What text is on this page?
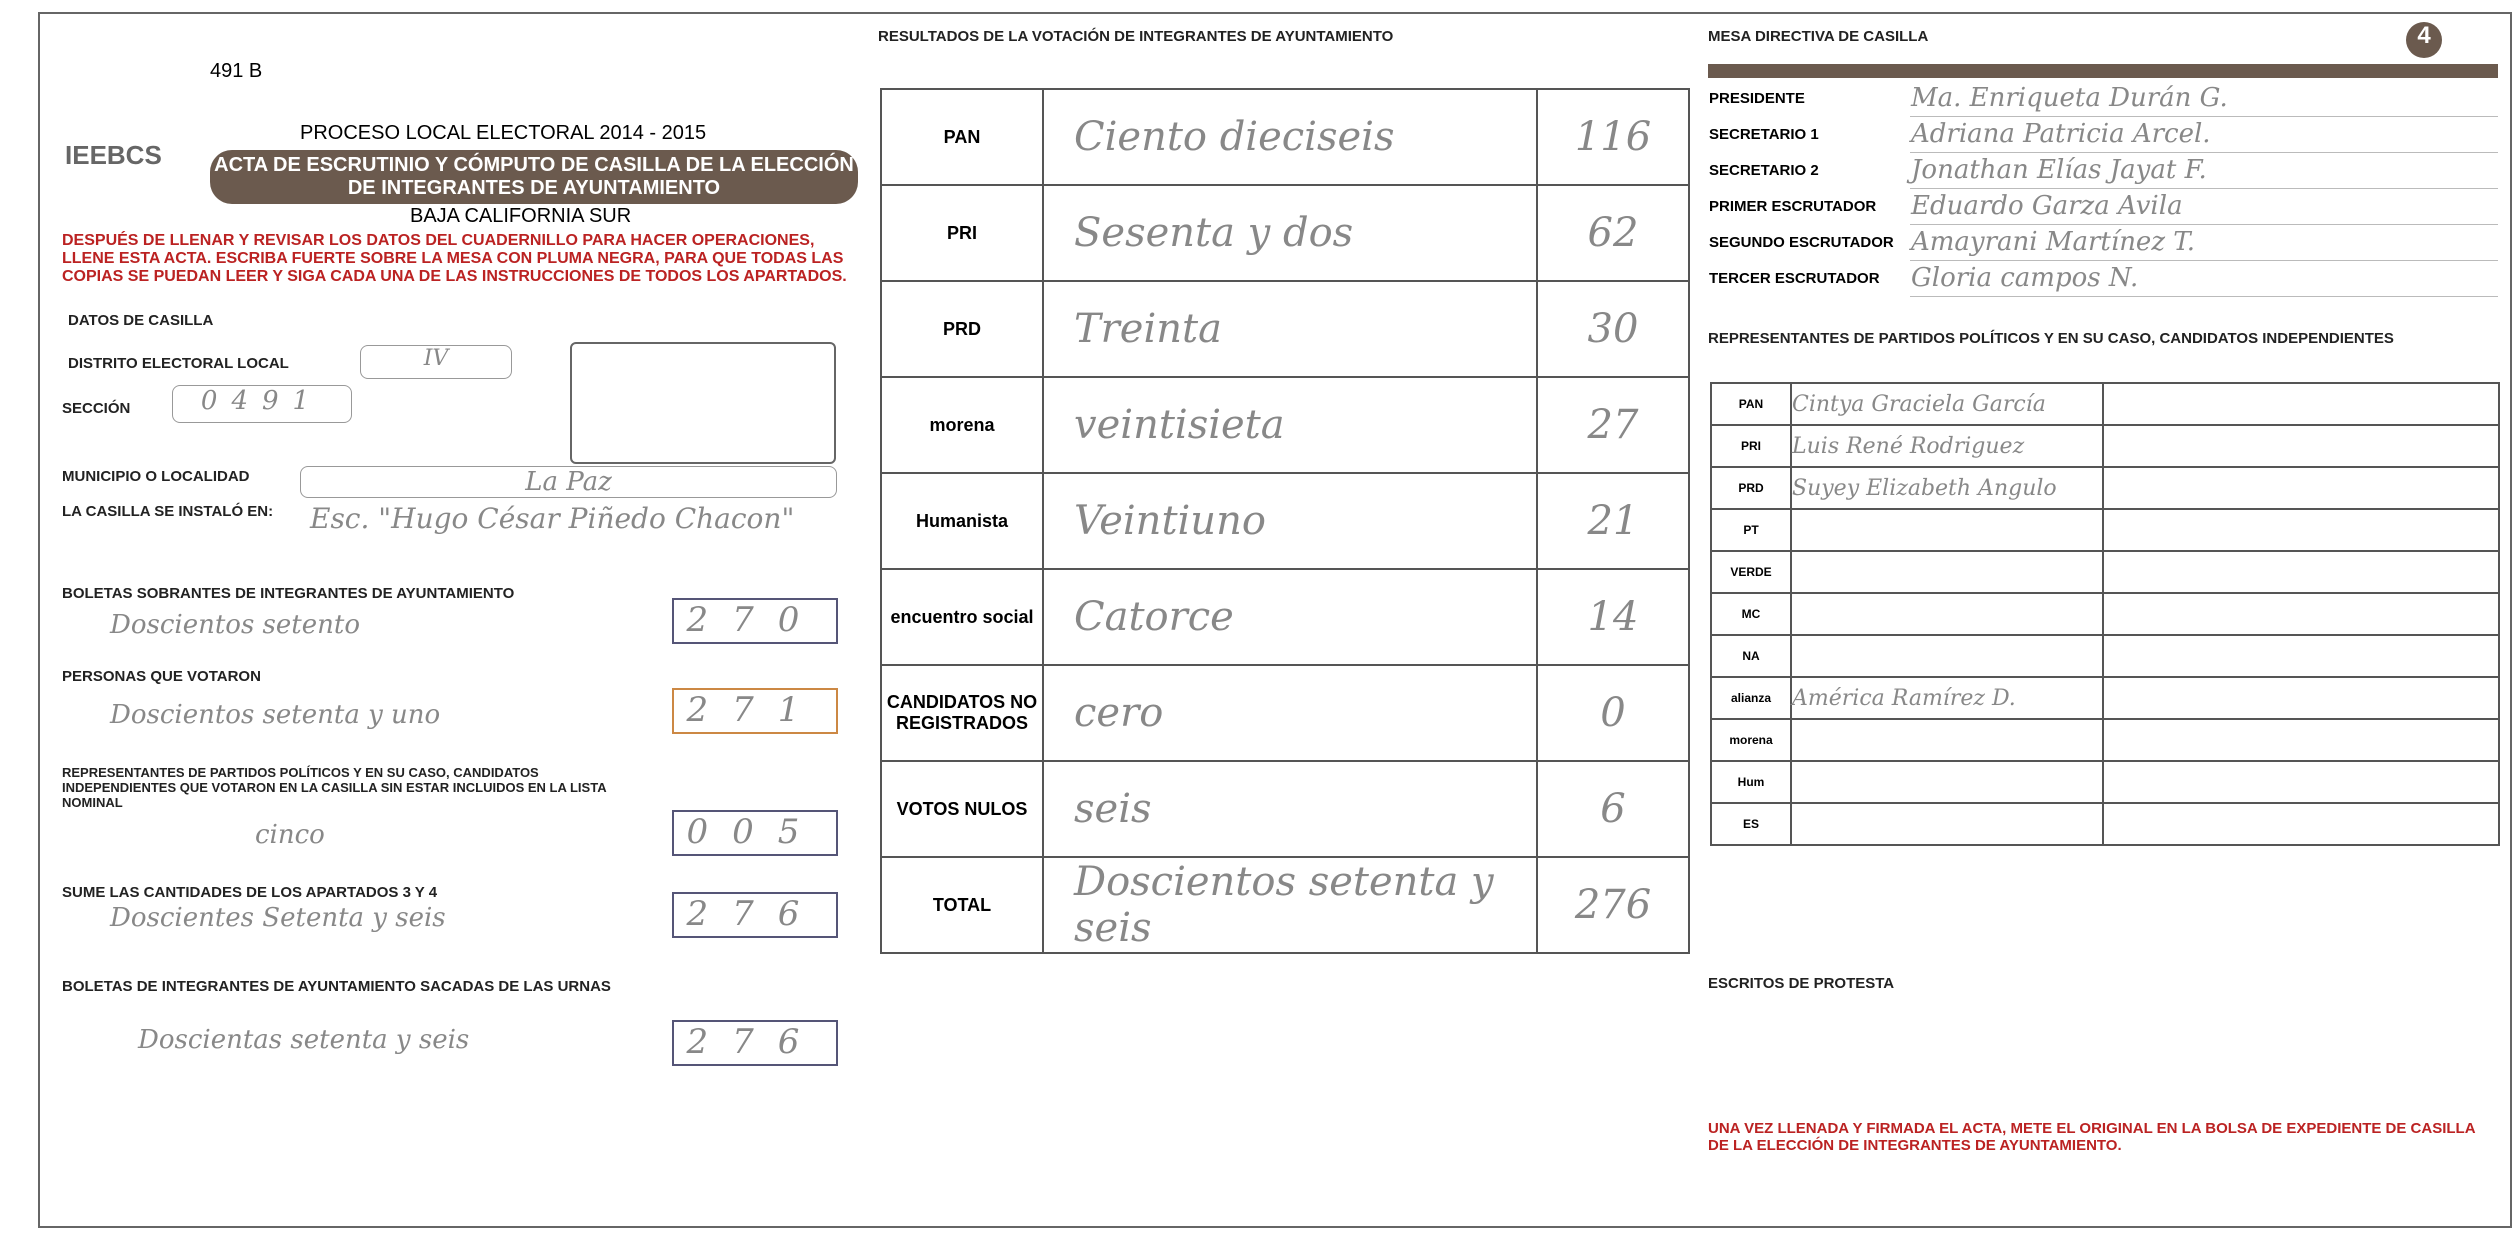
491 B
IEEBCS
PROCESO LOCAL ELECTORAL 2014 - 2015
ACTA DE ESCRUTINIO Y CÓMPUTO DE CASILLA DE LA ELECCIÓN DE INTEGRANTES DE AYUNTAMIENTO
BAJA CALIFORNIA SUR
DESPUÉS DE LLENAR Y REVISAR LOS DATOS DEL CUADERNILLO PARA HACER OPERACIONES, LLENE ESTA ACTA. ESCRIBA FUERTE SOBRE LA MESA CON PLUMA NEGRA, PARA QUE TODAS LAS COPIAS SE PUEDAN LEER Y SIGA CADA UNA DE LAS INSTRUCCIONES DE TODOS LOS APARTADOS.
DATOS DE CASILLA
DISTRITO ELECTORAL LOCAL	IV
SECCIÓN	0491
MUNICIPIO O LOCALIDAD	La Paz
LA CASILLA SE INSTALÓ EN:	Esc. "Hugo César Piñedo Chacon"
BOLETAS SOBRANTES DE INTEGRANTES DE AYUNTAMIENTO
Doscientos setento	270
PERSONAS QUE VOTARON
Doscientos setenta y uno	271
REPRESENTANTES DE PARTIDOS POLÍTICOS Y EN SU CASO, CANDIDATOS INDEPENDIENTES QUE VOTARON EN LA CASILLA SIN ESTAR INCLUIDOS EN LA LISTA NOMINAL
cinco	005
SUME LAS CANTIDADES DE LOS APARTADOS 3 Y 4
Doscientes Setenta y seis	276
BOLETAS DE INTEGRANTES DE AYUNTAMIENTO SACADAS DE LAS URNAS
Doscientas setenta y seis	276
RESULTADOS DE LA VOTACIÓN DE INTEGRANTES DE AYUNTAMIENTO
PAN	Ciento dieciseis	116
PRI	Sesenta y dos	62
PRD	Treinta	30
morena	veintisieta	27
Humanista	Veintiuno	21
encuentro social	Catorce	14
CANDIDATOS NO REGISTRADOS	cero	0
VOTOS NULOS	seis	6
TOTAL	Doscientos setenta y seis	276
MESA DIRECTIVA DE CASILLA	4
PRESIDENTE	Ma. Enriqueta Durán G.
SECRETARIO 1	Adriana Patricia Arcel.
SECRETARIO 2	Jonathan Elías Jayat F.
PRIMER ESCRUTADOR	Eduardo Garza Avila
SEGUNDO ESCRUTADOR	Amayrani Martínez T.
TERCER ESCRUTADOR	Gloria campos N.
REPRESENTANTES DE PARTIDOS POLÍTICOS Y EN SU CASO, CANDIDATOS INDEPENDIENTES
PAN	Cintya Graciela García	
PRI	Luis René Rodriguez	
PRD	Suyey Elizabeth Angulo	
PT		
VERDE		
MC		
NA		
alianza	América Ramírez D.	
morena		
Hum		
ES		
ESCRITOS DE PROTESTA
UNA VEZ LLENADA Y FIRMADA EL ACTA, METE EL ORIGINAL EN LA BOLSA DE EXPEDIENTE DE CASILLA DE LA ELECCIÓN DE INTEGRANTES DE AYUNTAMIENTO.
